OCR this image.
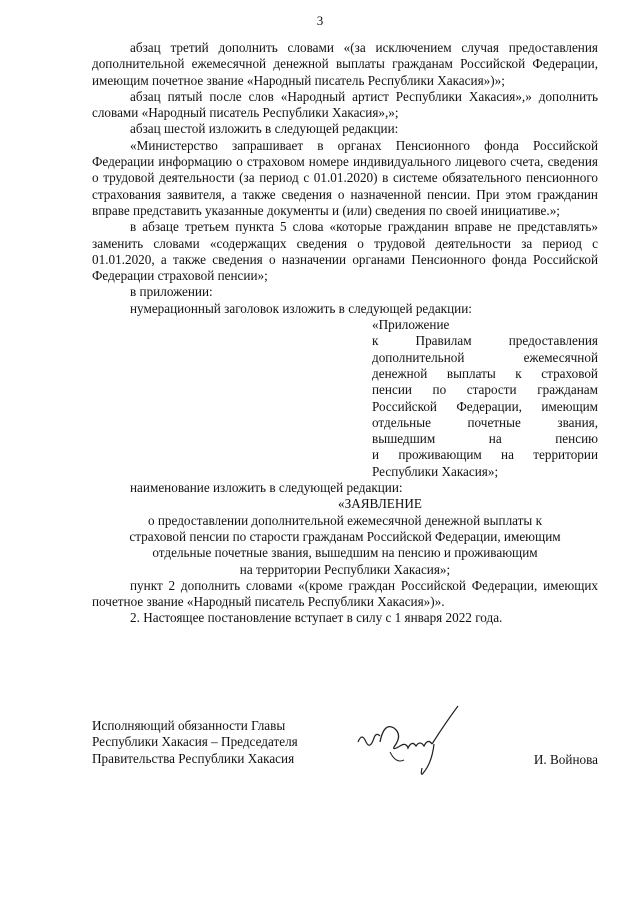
3

абзац третий дополнить словами «(за исключением случая предоставления дополнительной ежемесячной денежной выплаты гражданам Российской Федерации, имеющим почетное звание «Народный писатель Республики Хакасия»)»;

абзац пятый после слов «Народный артист Республики Хакасия»,» дополнить словами «Народный писатель Республики Хакасия»,»;

абзац шестой изложить в следующей редакции:

«Министерство запрашивает в органах Пенсионного фонда Российской Федерации информацию о страховом номере индивидуального лицевого счета, сведения о трудовой деятельности (за период с 01.01.2020) в системе обязательного пенсионного страхования заявителя, а также сведения о назначенной пенсии. При этом гражданин вправе представить указанные документы и (или) сведения по своей инициативе.»;

в абзаце третьем пункта 5 слова «которые гражданин вправе не представлять» заменить словами «содержащих сведения о трудовой деятельности за период с 01.01.2020, а также сведения о назначении органами Пенсионного фонда Российской Федерации страховой пенсии»;

в приложении:

нумерационный заголовок изложить в следующей редакции:

«Приложение

к Правилам предоставления

дополнительной ежемесячной

денежной выплаты к страховой

пенсии по старости гражданам

Российской Федерации, имеющим

отдельные почетные звания,

вышедшим на пенсию

и проживающим на территории

Республики Хакасия»;

наименование изложить в следующей редакции:

«ЗАЯВЛЕНИЕ

о предоставлении дополнительной ежемесячной денежной выплаты к

страховой пенсии по старости гражданам Российской Федерации, имеющим

отдельные почетные звания, вышедшим на пенсию и проживающим

на территории Республики Хакасия»;

пункт 2 дополнить словами «(кроме граждан Российской Федерации, имеющих почетное звание «Народный писатель Республики Хакасия»)».

2. Настоящее постановление вступает в силу с 1 января 2022 года.

Исполняющий обязанности Главы

Республики Хакасия – Председателя

Правительства Республики Хакасия	И. Войнова
